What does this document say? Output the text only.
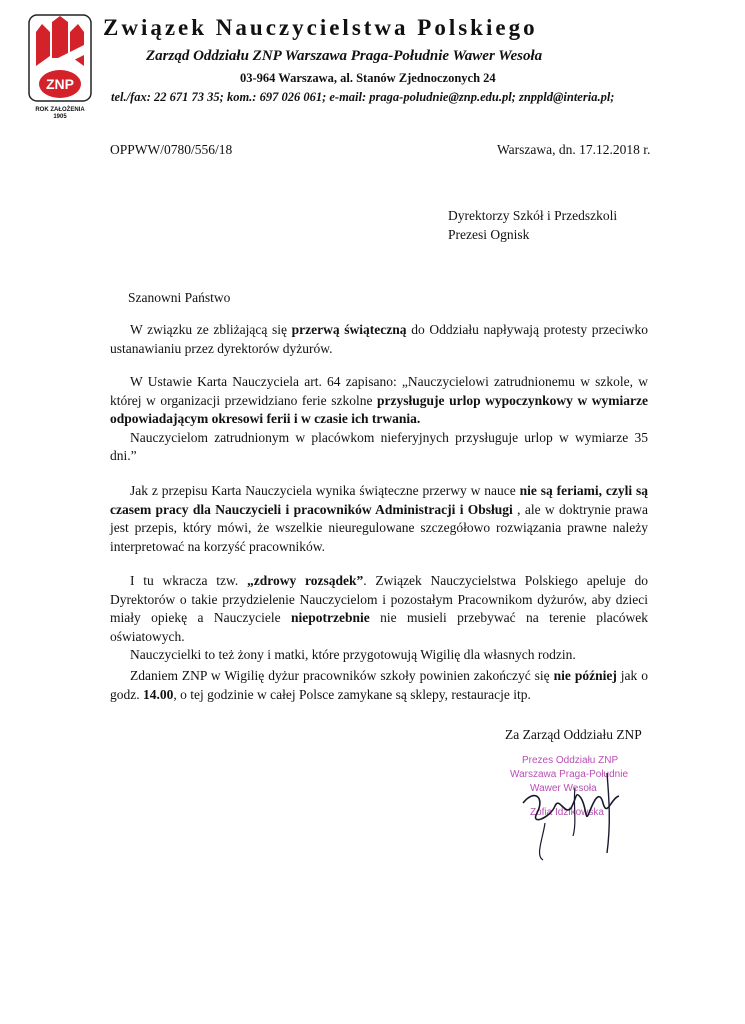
ZNP
ROK ZAŁOŻENIA
1905
Związek Nauczycielstwa Polskiego
Zarząd Oddziału ZNP Warszawa Praga-Południe Wawer Wesoła
03-964 Warszawa, al. Stanów Zjednoczonych 24
tel./fax: 22 671 73 35; kom.: 697 026 061; e-mail: praga-poludnie@znp.edu.pl; znppld@interia.pl;
OPPWW/0780/556/18	Warszawa, dn. 17.12.2018 r.
Dyrektorzy Szkół i Przedszkoli
Prezesi Ognisk
Szanowni Państwo
W związku ze zbliżającą się przerwą świąteczną do Oddziału napływają protesty przeciwko ustanawianiu przez dyrektorów dyżurów.
W Ustawie Karta Nauczyciela art. 64 zapisano: „Nauczycielowi zatrudnionemu w szkole, w której w organizacji przewidziano ferie szkolne przysługuje urlop wypoczynkowy w wymiarze odpowiadającym okresowi ferii i w czasie ich trwania.
Nauczycielom zatrudnionym w placówkom nieferyjnych przysługuje urlop w wymiarze 35 dni.”
Jak z przepisu Karta Nauczyciela wynika świąteczne przerwy w nauce nie są feriami, czyli są czasem pracy dla Nauczycieli i pracowników Administracji i Obsługi , ale w doktrynie prawa jest przepis, który mówi, że wszelkie nieuregulowane szczegółowo rozwiązania prawne należy interpretować na korzyść pracowników.
I tu wkracza tzw. „zdrowy rozsądek”. Związek Nauczycielstwa Polskiego apeluje do Dyrektorów o takie przydzielenie Nauczycielom i pozostałym Pracownikom dyżurów, aby dzieci miały opiekę a Nauczyciele niepotrzebnie nie musieli przebywać na terenie placówek oświatowych.
Nauczycielki to też żony i matki, które przygotowują Wigilię dla własnych rodzin.
Zdaniem ZNP w Wigilię dyżur pracowników szkoły powinien zakończyć się nie później jak o godz. 14.00, o tej godzinie w całej Polsce zamykane są sklepy, restauracje itp.
Za Zarząd Oddziału ZNP
Prezes Oddziału ZNP
Warszawa Praga-Południe
Wawer Wesoła
Zofia Idzikowska
